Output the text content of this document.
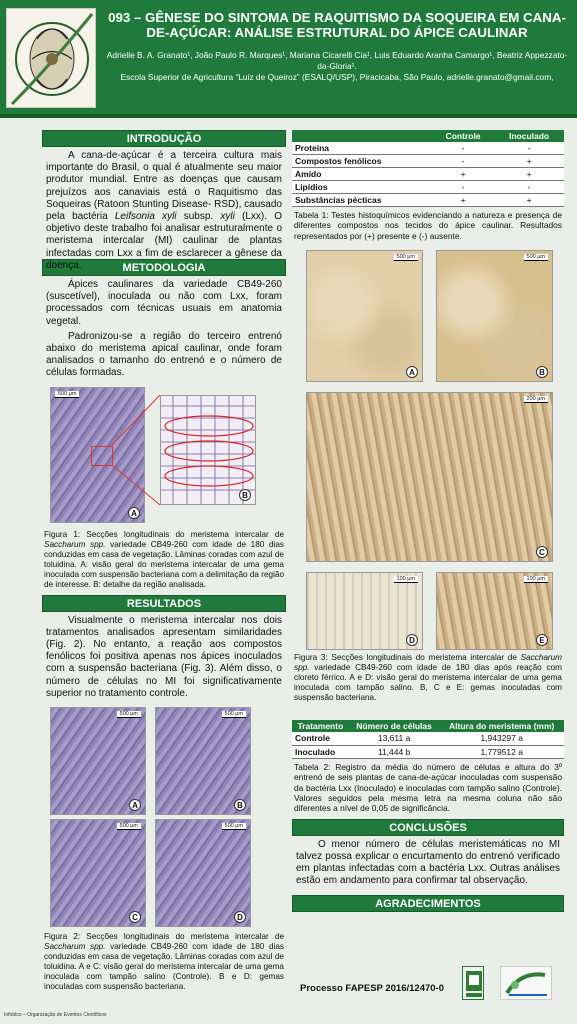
093 – GÊNESE DO SINTOMA DE RAQUITISMO DA SOQUEIRA EM CANA-DE-AÇÚCAR: ANÁLISE ESTRUTURAL DO ÁPICE CAULINAR
Adrielle B. A. Granato¹, João Paulo R. Marques¹, Mariana Cicarelli Cia¹, Luis Eduardo Aranha Camargo¹, Beatriz Appezzato-da-Gloria¹.
Escola Superior de Agricultura “Luiz de Queiroz” (ESALQ/USP), Piracicaba, São Paulo, adrielle.granato@gmail.com,
INTRODUÇÃO
A cana-de-açúcar é a terceira cultura mais importante do Brasil, o qual é atualmente seu maior produtor mundial. Entre as doenças que causam prejuízos aos canaviais está o Raquitismo das Soqueiras (Ratoon Stunting Disease- RSD), causado pela bactéria Leifsonia xyli subsp. xyli (Lxx). O objetivo deste trabalho foi analisar estruturalmente o meristema intercalar (MI) caulinar de plantas infectadas com Lxx a fim de esclarecer a gênese da doença.	METODOLOGIA
Ápices caulinares da variedade CB49-260 (suscetível), inoculada ou não com Lxx, foram processados com técnicas usuais em anatomia vegetal.
Padronizou-se a região do terceiro entrenó abaixo do meristema apical caulinar, onde foram analisados o tamanho do entrenó e o número de células formadas.
500 µm
A
B
Figura 1: Secções longitudinais do meristema intercalar de Saccharum spp. variedade CB49-260 com idade de 180 dias conduzidas em casa de vegetação. Lâminas coradas com azul de toluidina. A: visão geral do meristema intercalar de uma gema inoculada com suspensão bacteriana com a delimitação da região de interesse. B: detalhe da região analisada.
RESULTADOS
Visualmente o meristema intercalar nos dois tratamentos analisados apresentam similaridades (Fig. 2). No entanto, a reação aos compostos fenólicos foi positiva apenas nos ápices inoculados com a suspensão bacteriana (Fig. 3). Além disso, o número de células no MI foi significativamente superior no tratamento controle.
500 µm
A
500 µm
B
500 µm
C
500 µm
D
Figura 2: Secções longitudinais do meristema intercalar de Saccharum spp. variedade CB49-260 com idade de 180 dias conduzidas em casa de vegetação. Lâminas coradas com azul de toluidina. A e C: visão geral do meristema intercalar de uma gema inoculada com tampão salino (Controle). B e D: gemas inoculadas com suspensão bacteriana.
	Controle	Inoculado
Proteína	-	-
Compostos fenólicos	-	+
Amido	+	+
Lipídios	-	-
Substâncias pécticas	+	+
Tabela 1: Testes histoquímicos evidenciando a natureza e presença de diferentes compostos nos tecidos do ápice caulinar. Resultados representados por (+) presente e (-) ausente.
500 µm
A
500 µm
B
200 µm
C
100 µm
D
100 µm
E
Figura 3: Secções longitudinais do meristema intercalar de Saccharum spp. variedade CB49-260 com idade de 180 dias após reação com cloreto férrico. A e D: visão geral do meristema intercalar de uma gema inoculada com tampão salino. B, C e E: gemas inoculadas com suspensão bacteriana.
Tratamento	Número de células	Altura do meristema (mm)
Controle	13,611 a	1,943297 a
Inoculado	11,444 b	1,779512 a
Tabela 2: Registro da média do número de células e altura do 3º entrenó de seis plantas de cana-de-açúcar inoculadas com suspensão da bactéria Lxx (Inoculado) e inoculadas com tampão salino (Controle). Valores seguidos pela mesma letra na mesma coluna não são diferentes a nível de 0,05 de significância.
CONCLUSÕES
O menor número de células meristemáticas no MI talvez possa explicar o encurtamento do entrenó verificado em plantas infectadas com a bactéria Lxx. Outras análises estão em andamento para confirmar tal observação.
AGRADECIMENTOS
Processo FAPESP 2016/12470-0
Infoblco – Organização de Eventos Científicos
